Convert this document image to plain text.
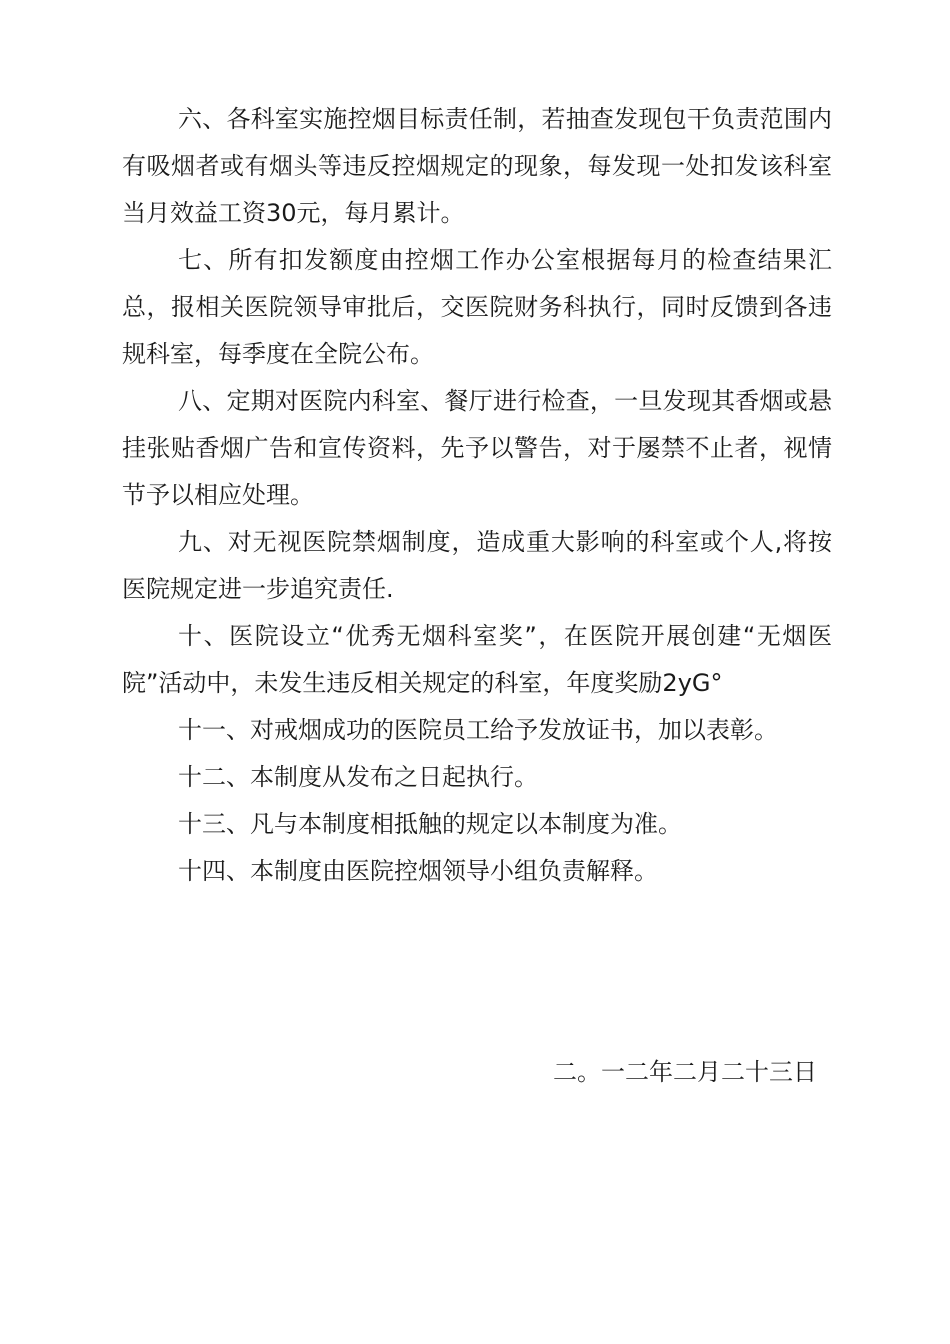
六、各科室实施控烟目标责任制，若抽查发现包干负责范围内有吸烟者或有烟头等违反控烟规定的现象，每发现一处扣发该科室当月效益工资30元，每月累计。

七、所有扣发额度由控烟工作办公室根据每月的检查结果汇总，报相关医院领导审批后，交医院财务科执行，同时反馈到各违规科室，每季度在全院公布。

八、定期对医院内科室、餐厅进行检查，一旦发现其香烟或悬挂张贴香烟广告和宣传资料，先予以警告，对于屡禁不止者，视情节予以相应处理。

九、对无视医院禁烟制度，造成重大影响的科室或个人,将按医院规定进一步追究责任.

十、医院设立“优秀无烟科室奖”，在医院开展创建“无烟医院”活动中，未发生违反相关规定的科室，年度奖励2yG°

十一、对戒烟成功的医院员工给予发放证书，加以表彰。

十二、本制度从发布之日起执行。

十三、凡与本制度相抵触的规定以本制度为准。

十四、本制度由医院控烟领导小组负责解释。

二。一二年二月二十三日
